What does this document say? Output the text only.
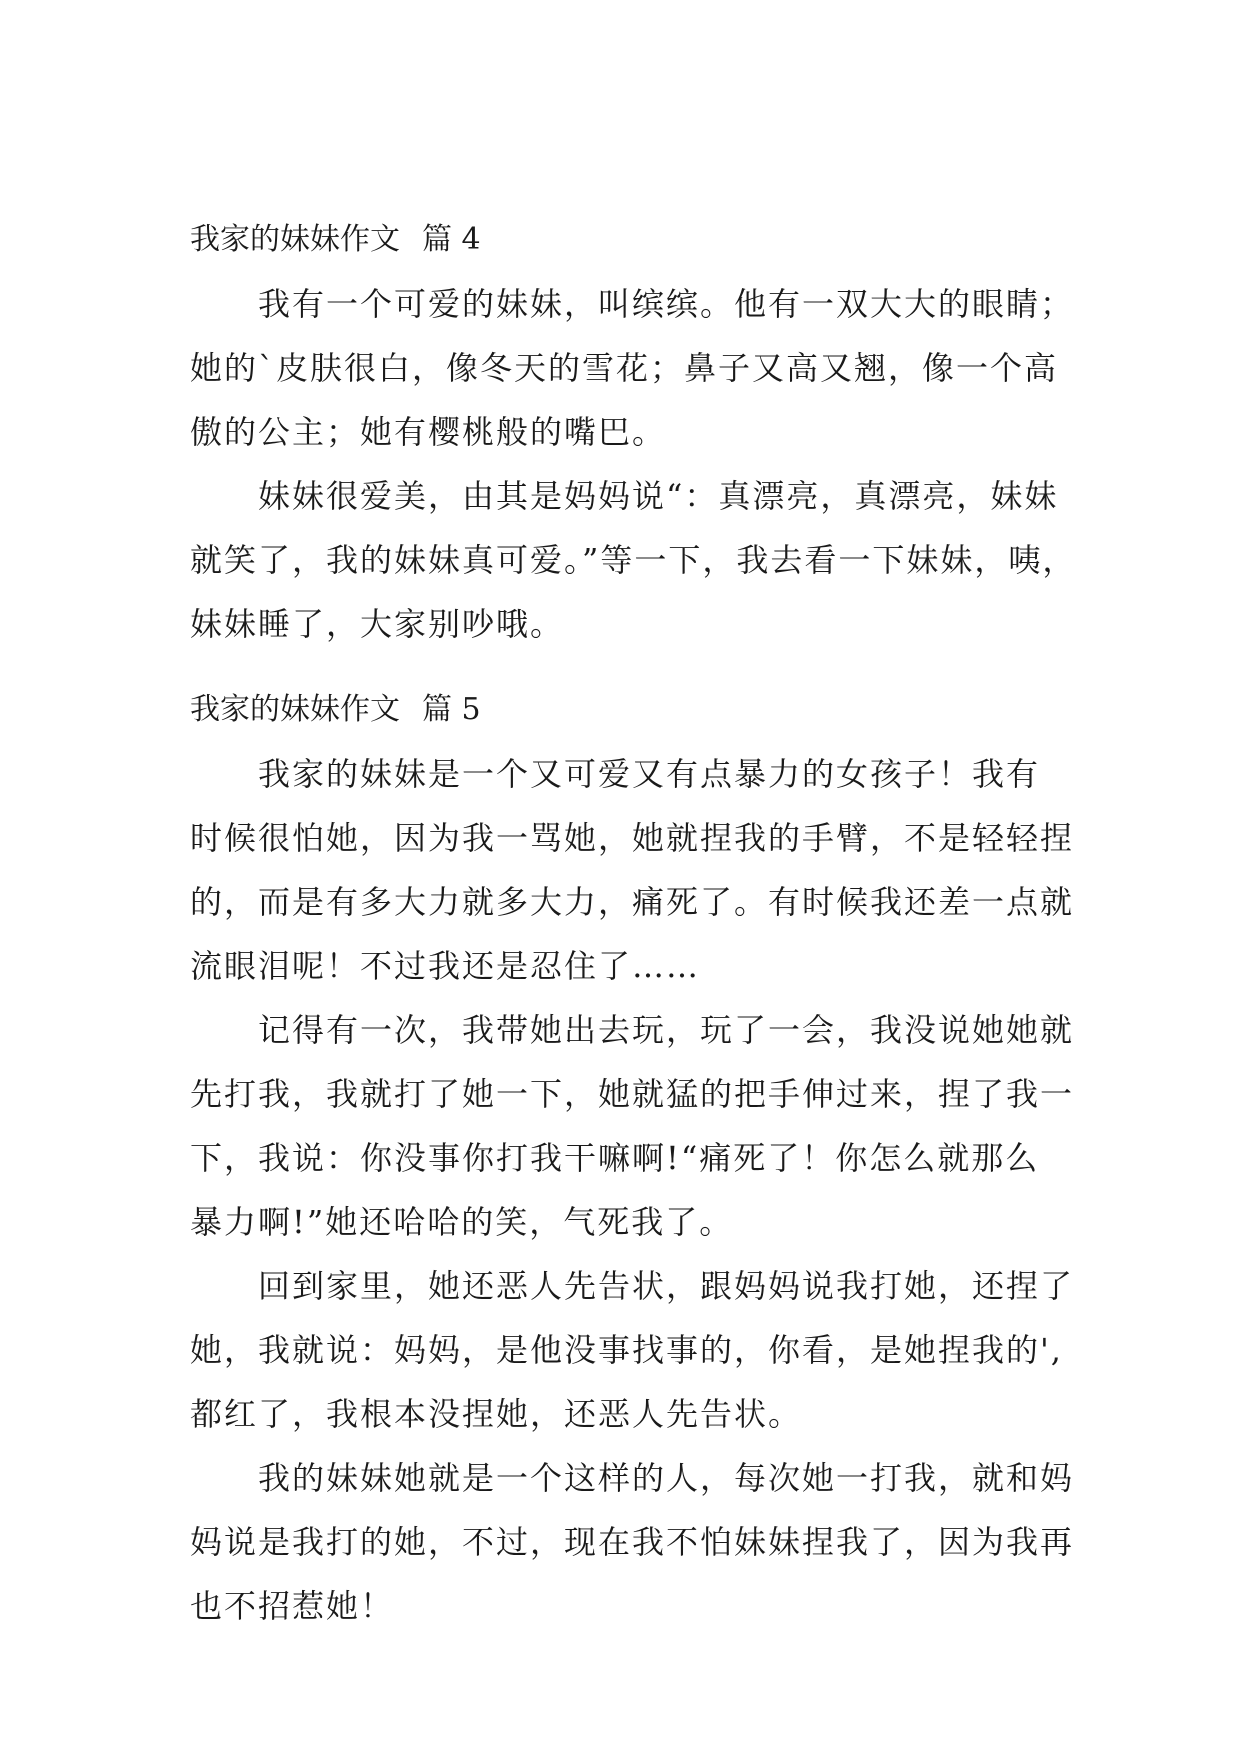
我家的妹妹作文 篇 4

我有一个可爱的妹妹，叫缤缤。他有一双大大的眼睛；
她的`皮肤很白，像冬天的雪花；鼻子又高又翘，像一个高
傲的公主；她有樱桃般的嘴巴。

妹妹很爱美，由其是妈妈说“：真漂亮，真漂亮，妹妹
就笑了，我的妹妹真可爱。”等一下，我去看一下妹妹，咦，
妹妹睡了，大家别吵哦。

我家的妹妹作文 篇 5

我家的妹妹是一个又可爱又有点暴力的女孩子！我有
时候很怕她，因为我一骂她，她就捏我的手臂，不是轻轻捏
的，而是有多大力就多大力，痛死了。有时候我还差一点就
流眼泪呢！不过我还是忍住了……

记得有一次，我带她出去玩，玩了一会，我没说她她就
先打我，我就打了她一下，她就猛的把手伸过来，捏了我一
下，我说：你没事你打我干嘛啊!“痛死了！你怎么就那么
暴力啊!”她还哈哈的笑，气死我了。

回到家里，她还恶人先告状，跟妈妈说我打她，还捏了
她，我就说：妈妈，是他没事找事的，你看，是她捏我的',
都红了，我根本没捏她，还恶人先告状。

我的妹妹她就是一个这样的人，每次她一打我，就和妈
妈说是我打的她，不过，现在我不怕妹妹捏我了，因为我再
也不招惹她！
